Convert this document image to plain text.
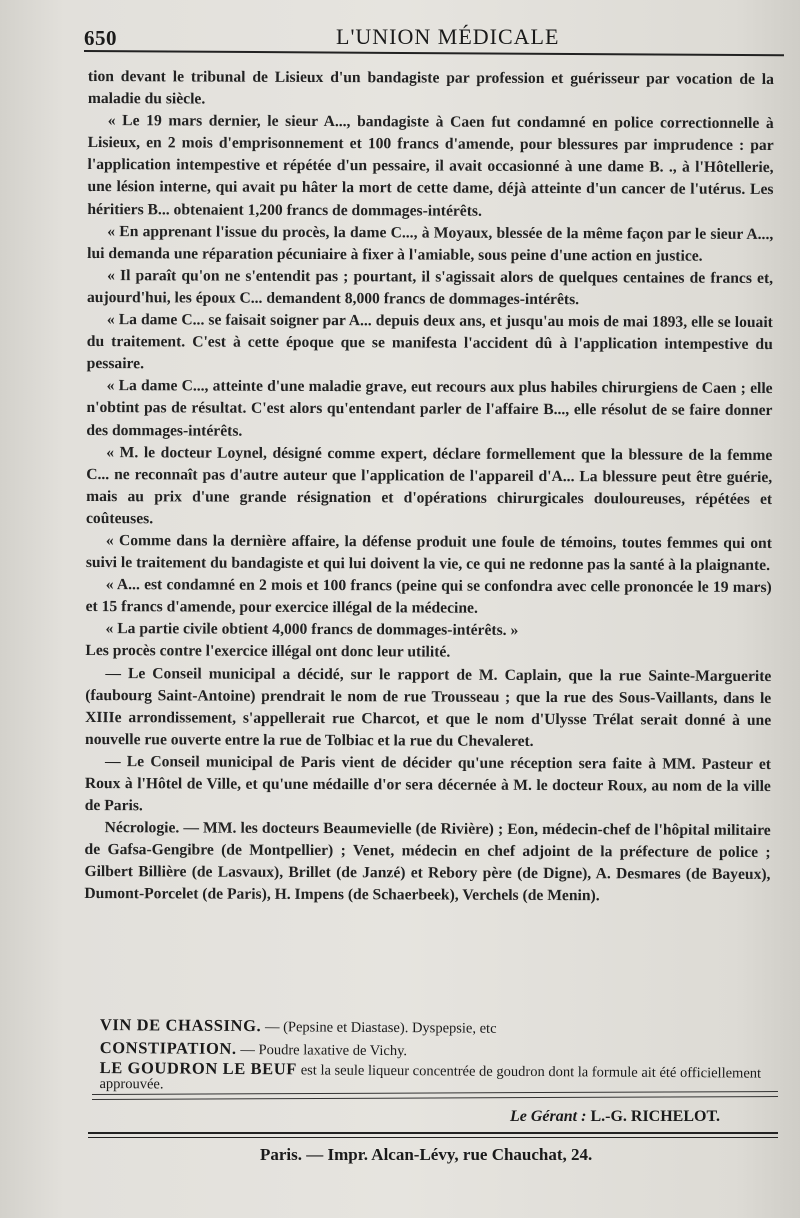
650	L'UNION MÉDICALE

tion devant le tribunal de Lisieux d'un bandagiste par profession et guérisseur par vocation de la maladie du siècle.

« Le 19 mars dernier, le sieur A..., bandagiste à Caen fut condamné en police correctionnelle à Lisieux, en 2 mois d'emprisonnement et 100 francs d'amende, pour blessures par imprudence : par l'application intempestive et répétée d'un pessaire, il avait occasionné à une dame B. ., à l'Hôtellerie, une lésion interne, qui avait pu hâter la mort de cette dame, déjà atteinte d'un cancer de l'utérus. Les héritiers B... obtenaient 1,200 francs de dommages-intérêts.

« En apprenant l'issue du procès, la dame C..., à Moyaux, blessée de la même façon par le sieur A..., lui demanda une réparation pécuniaire à fixer à l'amiable, sous peine d'une action en justice.

« Il paraît qu'on ne s'entendit pas ; pourtant, il s'agissait alors de quelques centaines de francs et, aujourd'hui, les époux C... demandent 8,000 francs de dommages-intérêts.

« La dame C... se faisait soigner par A... depuis deux ans, et jusqu'au mois de mai 1893, elle se louait du traitement. C'est à cette époque que se manifesta l'accident dû à l'application intempestive du pessaire.

« La dame C..., atteinte d'une maladie grave, eut recours aux plus habiles chirurgiens de Caen ; elle n'obtint pas de résultat. C'est alors qu'entendant parler de l'affaire B..., elle résolut de se faire donner des dommages-intérêts.

« M. le docteur Loynel, désigné comme expert, déclare formellement que la blessure de la femme C... ne reconnaît pas d'autre auteur que l'application de l'appareil d'A... La blessure peut être guérie, mais au prix d'une grande résignation et d'opérations chirurgicales douloureuses, répétées et coûteuses.

« Comme dans la dernière affaire, la défense produit une foule de témoins, toutes femmes qui ont suivi le traitement du bandagiste et qui lui doivent la vie, ce qui ne redonne pas la santé à la plaignante.

« A... est condamné en 2 mois et 100 francs (peine qui se confondra avec celle prononcée le 19 mars) et 15 francs d'amende, pour exercice illégal de la médecine.

« La partie civile obtient 4,000 francs de dommages-intérêts. »

Les procès contre l'exercice illégal ont donc leur utilité.

— Le Conseil municipal a décidé, sur le rapport de M. Caplain, que la rue Sainte-Marguerite (faubourg Saint-Antoine) prendrait le nom de rue Trousseau ; que la rue des Sous-Vaillants, dans le XIIIe arrondissement, s'appellerait rue Charcot, et que le nom d'Ulysse Trélat serait donné à une nouvelle rue ouverte entre la rue de Tolbiac et la rue du Chevaleret.

— Le Conseil municipal de Paris vient de décider qu'une réception sera faite à MM. Pasteur et Roux à l'Hôtel de Ville, et qu'une médaille d'or sera décernée à M. le docteur Roux, au nom de la ville de Paris.

Nécrologie. — MM. les docteurs Beaumevielle (de Rivière) ; Eon, médecin-chef de l'hôpital militaire de Gafsa-Gengibre (de Montpellier) ; Venet, médecin en chef adjoint de la préfecture de police ; Gilbert Billière (de Lasvaux), Brillet (de Janzé) et Rebory père (de Digne), A. Desmares (de Bayeux), Dumont-Porcelet (de Paris), H. Impens (de Schaerbeek), Verchels (de Menin).

VIN DE CHASSING. — (Pepsine et Diastase). Dyspepsie, etc

CONSTIPATION. — Poudre laxative de Vichy.

LE GOUDRON LE BEUF est la seule liqueur concentrée de goudron dont la formule ait été officiellement approuvée.

Le Gérant : L.-G. RICHELOT.
Paris. — Impr. Alcan-Lévy, rue Chauchat, 24.
